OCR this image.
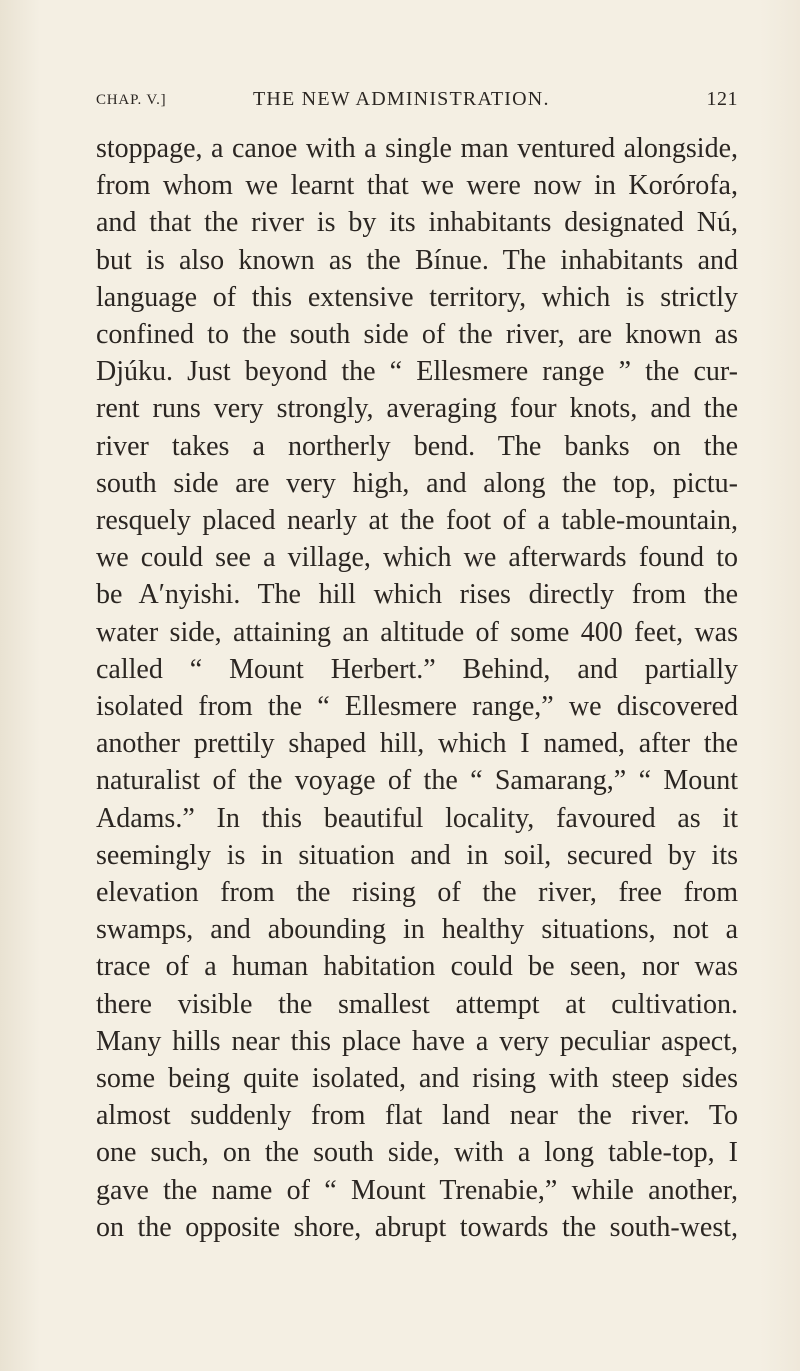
CHAP. V.]	THE NEW ADMINISTRATION.	121
stoppage, a canoe with a single man ventured alongside,
from whom we learnt that we were now in Korórofa,
and that the river is by its inhabitants designated Nú,
but is also known as the Bínue. The inhabitants and
language of this extensive territory, which is strictly
confined to the south side of the river, are known as
Djúku. Just beyond the “ Ellesmere range ” the cur-
rent runs very strongly, averaging four knots, and the
river takes a northerly bend. The banks on the
south side are very high, and along the top, pictu-
resquely placed nearly at the foot of a table-mountain,
we could see a village, which we afterwards found to
be A′nyishi. The hill which rises directly from the
water side, attaining an altitude of some 400 feet, was
called “ Mount Herbert.” Behind, and partially
isolated from the “ Ellesmere range,” we discovered
another prettily shaped hill, which I named, after the
naturalist of the voyage of the “ Samarang,” “ Mount
Adams.” In this beautiful locality, favoured as it
seemingly is in situation and in soil, secured by its
elevation from the rising of the river, free from
swamps, and abounding in healthy situations, not a
trace of a human habitation could be seen, nor was
there visible the smallest attempt at cultivation.
Many hills near this place have a very peculiar aspect,
some being quite isolated, and rising with steep sides
almost suddenly from flat land near the river. To
one such, on the south side, with a long table-top, I
gave the name of “ Mount Trenabie,” while another,
on the opposite shore, abrupt towards the south-west,
